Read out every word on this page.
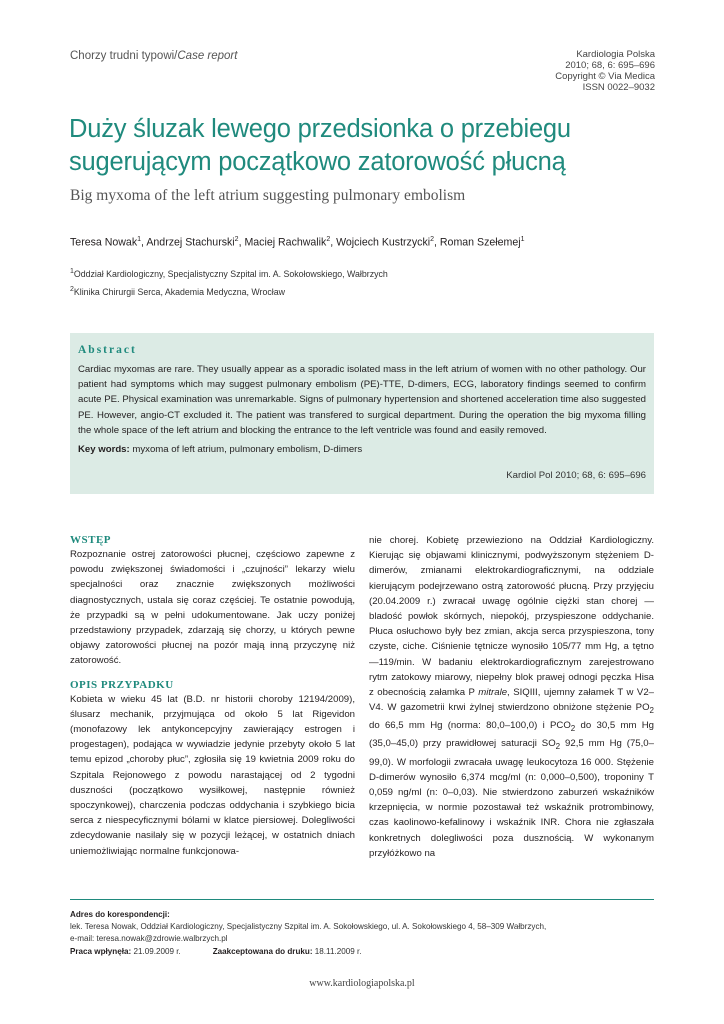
Chorzy trudni typowi/Case report	Kardiologia Polska
2010; 68, 6: 695–696
Copyright © Via Medica
ISSN 0022–9032
Duży śluzak lewego przedsionka o przebiegu
sugerującym początkowo zatorowość płucną
Big myxoma of the left atrium suggesting pulmonary embolism
Teresa Nowak$^1$, Andrzej Stachurski$^2$, Maciej Rachwalik$^2$, Wojciech Kustrzycki$^2$, Roman Szełemej$^1$
$^1$Oddział Kardiologiczny, Specjalistyczny Szpital im. A. Sokołowskiego, Wałbrzych
$^2$Klinika Chirurgii Serca, Akademia Medyczna, Wrocław
Abstract

Cardiac myxomas are rare. They usually appear as a sporadic isolated mass in the left atrium of women with no other pathology. Our patient had symptoms which may suggest pulmonary embolism (PE)-TTE, D-dimers, ECG, laboratory findings seemed to confirm acute PE. Physical examination was unremarkable. Signs of pulmonary hypertension and shortened acceleration time also suggested PE. However, angio-CT excluded it. The patient was transfered to surgical department. During the operation the big myxoma filling the whole space of the left atrium and blocking the entrance to the left ventricle was found and easily removed.

Key words: myxoma of left atrium, pulmonary embolism, D-dimers

Kardiol Pol 2010; 68, 6: 695–696
WSTĘP

Rozpoznanie ostrej zatorowości płucnej, częściowo zapewne z powodu zwiększonej świadomości i „czujności” lekarzy wielu specjalności oraz znacznie zwiększonych możliwości diagnostycznych, ustala się coraz częściej. Te ostatnie powodują, że przypadki są w pełni udokumentowane. Jak uczy poniżej przedstawiony przypadek, zdarzają się chorzy, u których pewne objawy zatorowości płucnej na pozór mają inną przyczynę niż zatorowość.

OPIS PRZYPADKU

Kobieta w wieku 45 lat (B.D. nr historii choroby 12194/2009), ślusarz mechanik, przyjmująca od około 5 lat Rigevidon (monofazowy lek antykoncepcyjny zawierający estrogen i progestagen), podająca w wywiadzie jedynie przebyty około 5 lat temu epizod „choroby płuc”, zgłosiła się 19 kwietnia 2009 roku do Szpitala Rejonowego z powodu narastającej od 2 tygodni duszności (początkowo wysiłkowej, następnie również spoczynkowej), charczenia podczas oddychania i szybkiego bicia serca z niespecyficznymi bólami w klatce piersiowej. Dolegliwości zdecydowanie nasilały się w pozycji leżącej, w ostatnich dniach uniemożliwiając normalne funkcjonowa-

nie chorej. Kobietę przewieziono na Oddział Kardiologiczny. Kierując się objawami klinicznymi, podwyższonym stężeniem D-dimerów, zmianami elektrokardiograficznymi, na oddziale kierującym podejrzewano ostrą zatorowość płucną. Przy przyjęciu (20.04.2009 r.) zwracał uwagę ogólnie ciężki stan chorej — bladość powłok skórnych, niepokój, przyspieszone oddychanie. Płuca osłuchowo były bez zmian, akcja serca przyspieszona, tony czyste, ciche. Ciśnienie tętnicze wynosiło 105/77 mm Hg, a tętno —119/min. W badaniu elektrokardiograficznym zarejestrowano rytm zatokowy miarowy, niepełny blok prawej odnogi pęczka Hisa z obecnością załamka P mitrale, SIQIII, ujemny załamek T w V2–V4. W gazometrii krwi żylnej stwierdzono obniżone stężenie $PO_2$ do 66,5 mm Hg (norma: 80,0–100,0) i $PCO_2$ do 30,5 mm Hg (35,0–45,0) przy prawidłowej saturacji $SO_2$ 92,5 mm Hg (75,0–99,0). W morfologii zwracała uwagę leukocytoza 16 000. Stężenie D-dimerów wynosiło 6,374 mcg/ml (n: 0,000–0,500), troponiny T 0,059 ng/ml (n: 0–0,03). Nie stwierdzono zaburzeń wskaźników krzepnięcia, w normie pozostawał też wskaźnik protrombinowy, czas kaolinowo-kefalinowy i wskaźnik INR. Chora nie zgłaszała konkretnych dolegliwości poza dusznością. W wykonanym przyłóżkowo na

Adres do korespondencji:
lek. Teresa Nowak, Oddział Kardiologiczny, Specjalistyczny Szpital im. A. Sokołowskiego, ul. A. Sokołowskiego 4, 58–309 Wałbrzych,
e-mail: teresa.nowak@zdrowie.walbrzych.pl
Praca wpłynęła: 21.09.2009 r.	Zaakceptowana do druku: 18.11.2009 r.
www.kardiologiapolska.pl
